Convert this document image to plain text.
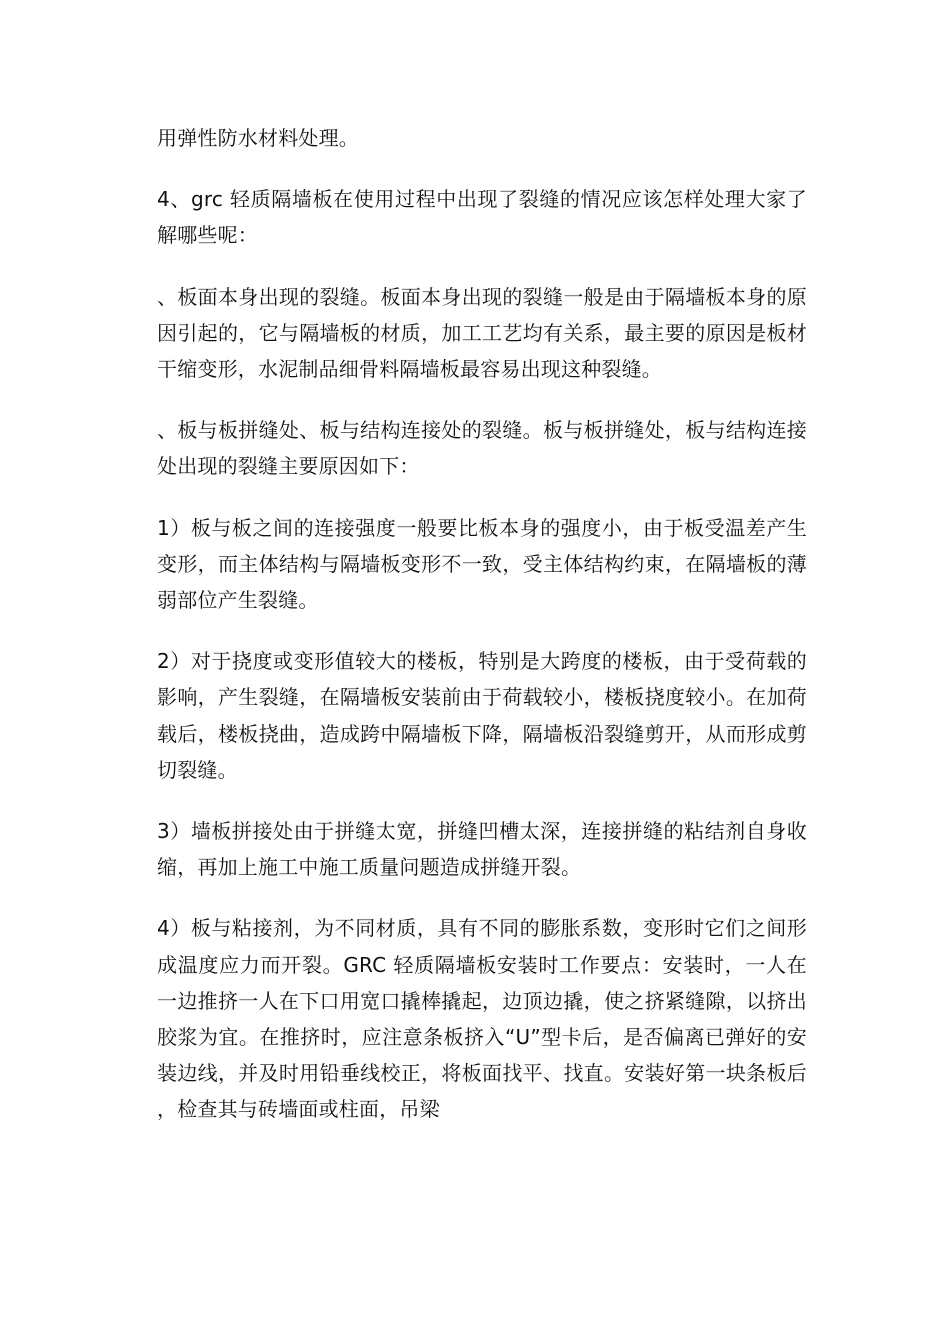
用弹性防水材料处理。

4、grc 轻质隔墙板在使用过程中出现了裂缝的情况应该怎样处理大家了解哪些呢：

、板面本身出现的裂缝。板面本身出现的裂缝一般是由于隔墙板本身的原因引起的，它与隔墙板的材质，加工工艺均有关系，最主要的原因是板材干缩变形，水泥制品细骨料隔墙板最容易出现这种裂缝。

、板与板拼缝处、板与结构连接处的裂缝。板与板拼缝处，板与结构连接处出现的裂缝主要原因如下：

1）板与板之间的连接强度一般要比板本身的强度小，由于板受温差产生变形，而主体结构与隔墙板变形不一致，受主体结构约束，在隔墙板的薄弱部位产生裂缝。

2）对于挠度或变形值较大的楼板，特别是大跨度的楼板，由于受荷载的影响，产生裂缝，在隔墙板安装前由于荷载较小，楼板挠度较小。在加荷载后，楼板挠曲，造成跨中隔墙板下降，隔墙板沿裂缝剪开，从而形成剪切裂缝。

3）墙板拼接处由于拼缝太宽，拼缝凹槽太深，连接拼缝的粘结剂自身收缩，再加上施工中施工质量问题造成拼缝开裂。

4）板与粘接剂，为不同材质，具有不同的膨胀系数，变形时它们之间形成温度应力而开裂。GRC 轻质隔墙板安装时工作要点：安装时，一人在一边推挤一人在下口用宽口撬棒撬起，边顶边撬，使之挤紧缝隙，以挤出胶浆为宜。在推挤时，应注意条板挤入“U”型卡后，是否偏离已弹好的安装边线，并及时用铅垂线校正，将板面找平、找直。安装好第一块条板后，检查其与砖墙面或柱面，吊梁
